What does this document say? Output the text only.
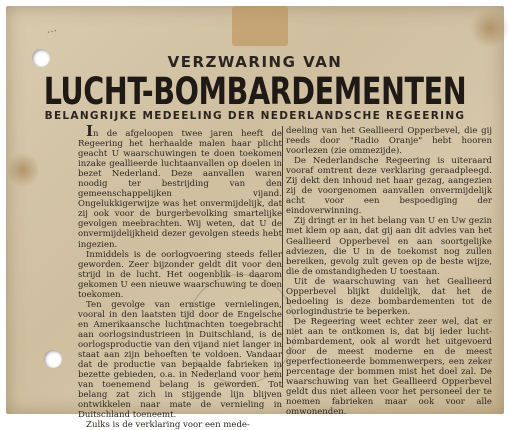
...
VERZWARING VAN
LUCHT-BOMBARDEMENTEN
BELANGRIJKE MEDEELING DER NEDERLANDSCHE REGEERING

In de afgeloopen twee jaren heeft de Regeering het herhaalde malen haar plicht geacht U waarschuwingen te doen toekomen inzake geallieerde luchtaanvallen op doelen in bezet Nederland. Deze aanvallen waren noodig ter bestrijding van den gemeenschappelijken vijand. Ongelukkigerwijze was het onvermijdelijk, dat zij ook voor de burgerbevolking smartelijke gevolgen meebrachten. Wij weten, dat U de onvermijdelijkheid dezer gevolgen steeds hebt ingezien.

Inmiddels is de oorlogvoering steeds feller geworden. Zeer bijzonder geldt dit voor den strijd in de lucht. Het oogenblik is daarom gekomen U een nieuwe waarschuwing te doen toekomen.

Ten gevolge van ernstige vernielingen, vooral in den laatsten tijd door de Engelsche en Amerikaansche luchtmachten toegebracht aan oorlogsindustrieen in Duitschland, is de oorlogsproductie van den vijand niet langer in staat aan zijn behoeften te voldoen. Vandaar dat de productie van bepaalde fabrieken in bezette gebieden, o.a. in Nederland voor hem van toenemend belang is geworden. Tot belang zat zich in stijgende lijn blijven ontwikkelen naar mate de vernieling in Duitschland toeneemt.

Zulks is de verklaring voor een mede-

deeling van het Geallieerd Opperbevel, die gij reeds door "Radio Oranje" hebt hooren voorlezen (zie ommezijde).

De Nederlandsche Regeering is uiteraard vooraf omtrent deze verklaring geraadpleegd. Zij dekt den inhoud net haar gezag, aangezien zij de voorgenomen aanvallen onvermijdelijk acht voor een bespoediging der eindoverwinning.

Zij dringt er in het belang van U en Uw gezin met klem op aan, dat gij aan dit advies van het Geallieerd Opperbevel en aan soortgelijke adviezen, die U in de toekomst nog zullen bereiken, gevolg zult geven op de beste wijze, die de omstandigheden U toestaan.

Uit de waarschuwing van het Geallieerd Opperbevel blijkt duidelijk, dat het de bedoeling is deze bombardementen tot de oorlogindustrie te beperken.

De Regeering weet echter zeer wel, dat er niet aan te ontkomen is, dat bij ieder lucht-bombardement, ook al wordt het uitgevoerd door de meest moderne en de meest geperfectioneerde bommenwerpers, een zeker percentage der bommen mist het doel zal. De waarschuwing van het Geallieerd Opperbevel geldt dus niet alleen voor het personeel der te noemen fabrieken maar ook voor alle omwonenden.
